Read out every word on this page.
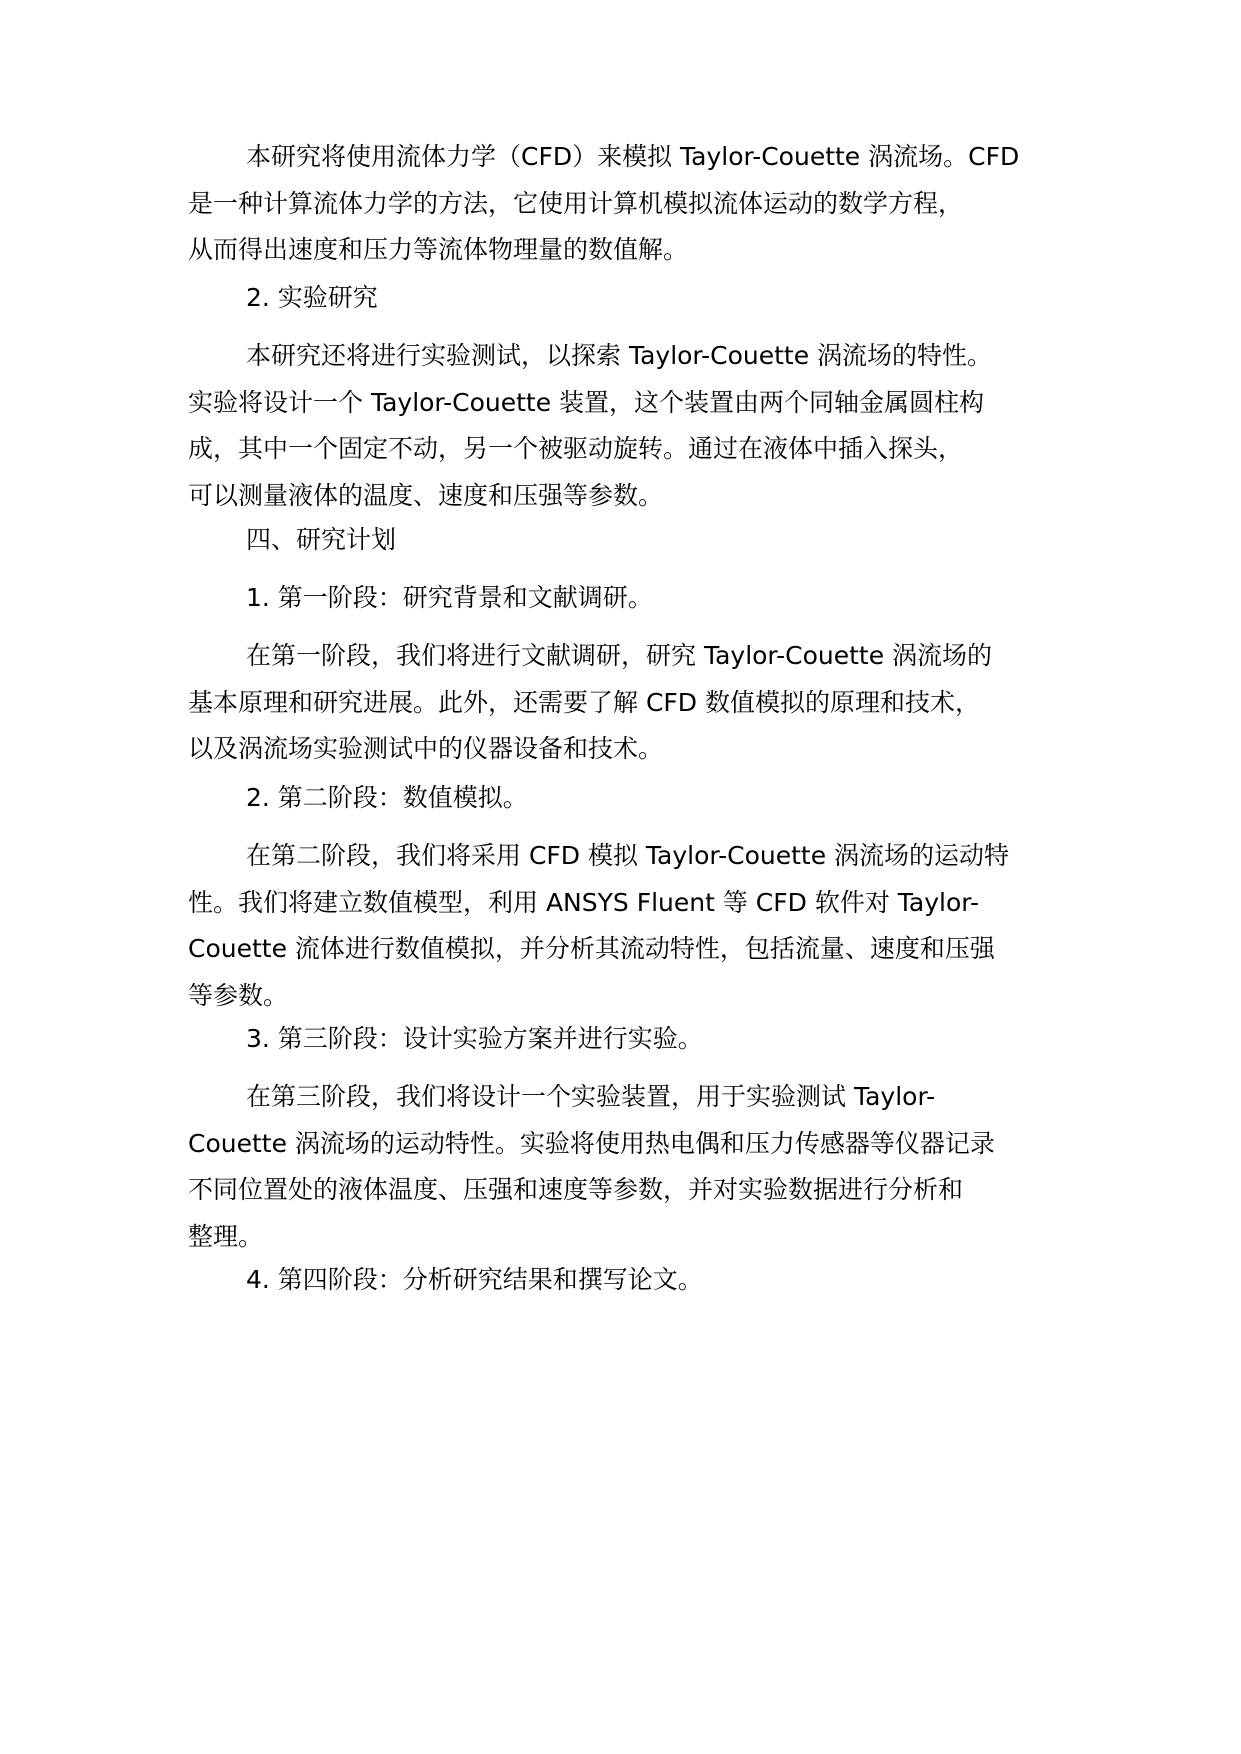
本研究将使用流体力学（CFD）来模拟 Taylor-Couette 涡流场。CFD
是一种计算流体力学的方法，它使用计算机模拟流体运动的数学方程，
从而得出速度和压力等流体物理量的数值解。
2. 实验研究
本研究还将进行实验测试，以探索 Taylor-Couette 涡流场的特性。
实验将设计一个 Taylor-Couette 装置，这个装置由两个同轴金属圆柱构
成，其中一个固定不动，另一个被驱动旋转。通过在液体中插入探头，
可以测量液体的温度、速度和压强等参数。
四、研究计划
1. 第一阶段：研究背景和文献调研。
在第一阶段，我们将进行文献调研，研究 Taylor-Couette 涡流场的
基本原理和研究进展。此外，还需要了解 CFD 数值模拟的原理和技术，
以及涡流场实验测试中的仪器设备和技术。
2. 第二阶段：数值模拟。
在第二阶段，我们将采用 CFD 模拟 Taylor-Couette 涡流场的运动特
性。我们将建立数值模型，利用 ANSYS Fluent 等 CFD 软件对 Taylor-
Couette 流体进行数值模拟，并分析其流动特性，包括流量、速度和压强
等参数。
3. 第三阶段：设计实验方案并进行实验。
在第三阶段，我们将设计一个实验装置，用于实验测试 Taylor-
Couette 涡流场的运动特性。实验将使用热电偶和压力传感器等仪器记录
不同位置处的液体温度、压强和速度等参数，并对实验数据进行分析和
整理。
4. 第四阶段：分析研究结果和撰写论文。
